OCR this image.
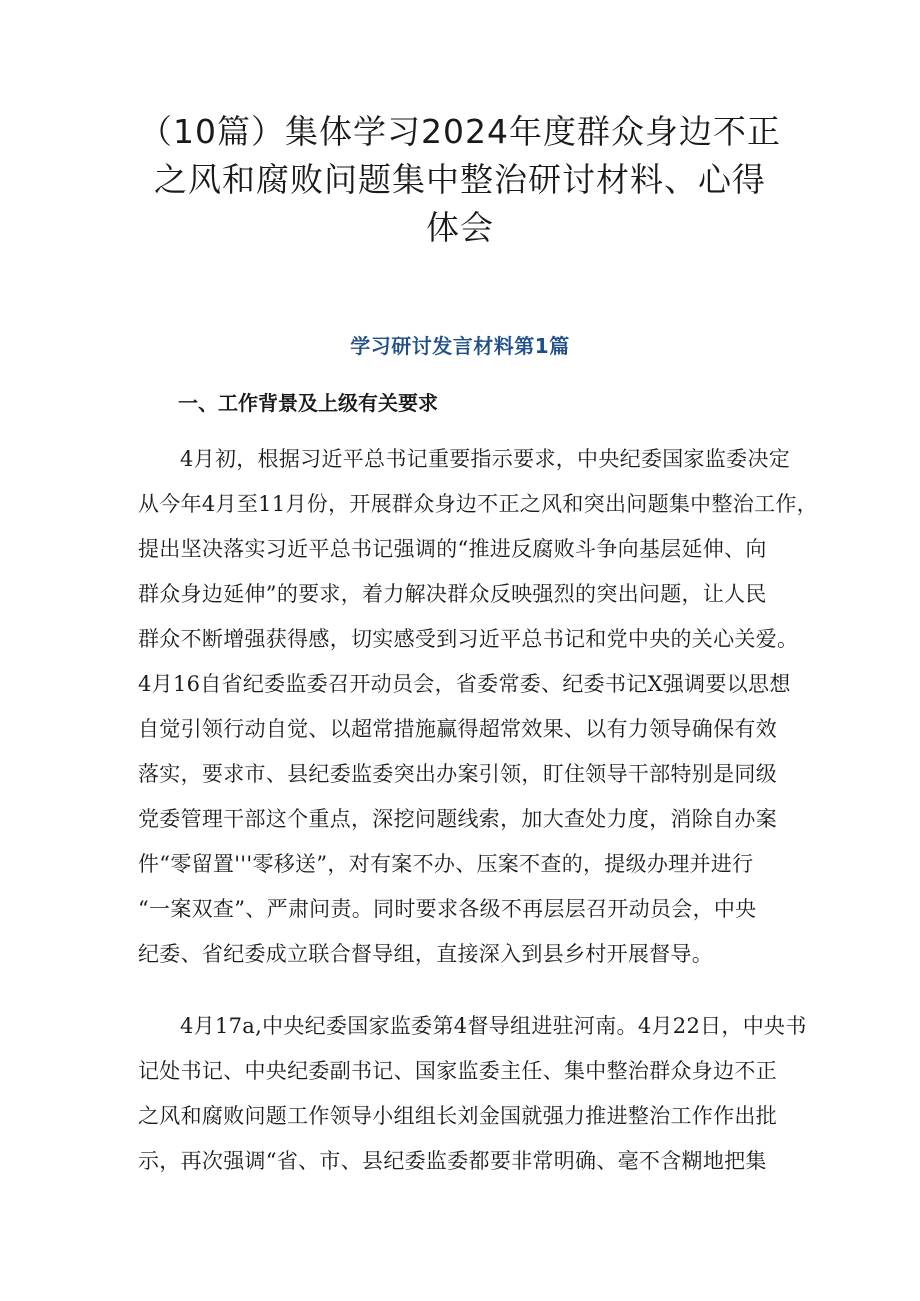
（10篇）集体学习2024年度群众身边不正
之风和腐败问题集中整治研讨材料、心得
体会
学习研讨发言材料第1篇
一、工作背景及上级有关要求
4月初，根据习近平总书记重要指示要求，中央纪委国家监委决定
从今年4月至11月份，开展群众身边不正之风和突出问题集中整治工作，
提出坚决落实习近平总书记强调的“推进反腐败斗争向基层延伸、向
群众身边延伸”的要求，着力解决群众反映强烈的突出问题，让人民
群众不断增强获得感，切实感受到习近平总书记和党中央的关心关爱。
4月16自省纪委监委召开动员会，省委常委、纪委书记X强调要以思想
自觉引领行动自觉、以超常措施赢得超常效果、以有力领导确保有效
落实，要求市、县纪委监委突出办案引领，盯住领导干部特别是同级
党委管理干部这个重点，深挖问题线索，加大查处力度，消除自办案
件“零留置'''零移送”，对有案不办、压案不查的，提级办理并进行
“一案双查”、严肃问责。同时要求各级不再层层召开动员会，中央
纪委、省纪委成立联合督导组，直接深入到县乡村开展督导。
4月17a,中央纪委国家监委第4督导组进驻河南。4月22日，中央书
记处书记、中央纪委副书记、国家监委主任、集中整治群众身边不正
之风和腐败问题工作领导小组组长刘金国就强力推进整治工作作出批
示，再次强调“省、市、县纪委监委都要非常明确、毫不含糊地把集
